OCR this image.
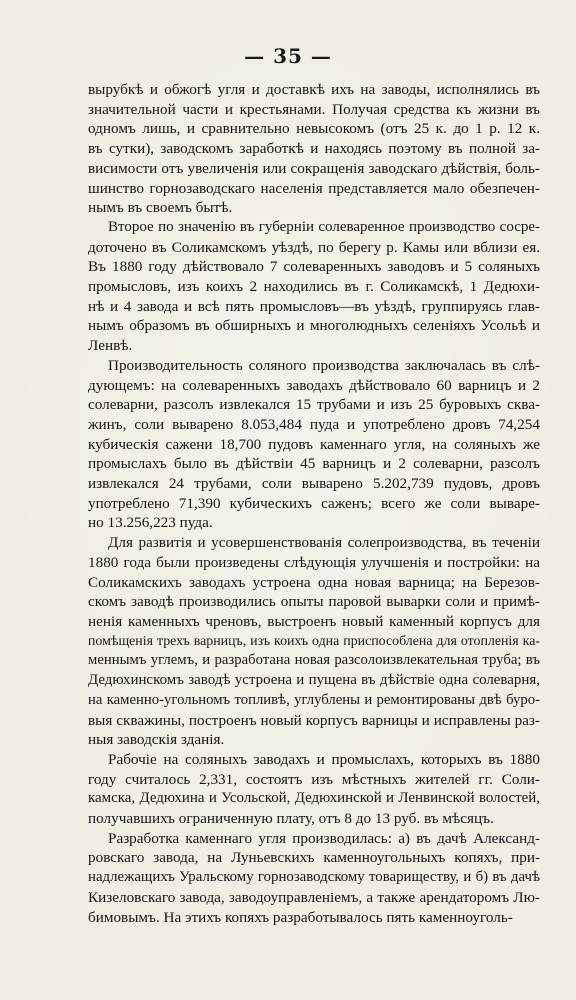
— 35 —

вырубкѣ и обжогѣ угля и доставкѣ ихъ на заводы, исполнялись въ
значительной части и крестьянами. Получая средства къ жизни въ
одномъ лишь, и сравнительно невысокомъ (отъ 25 к. до 1 р. 12 к.
въ сутки), заводскомъ заработкѣ и находясь поэтому въ полной за-
висимости отъ увеличенія или сокращенія заводскаго дѣйствія, боль-
шинство горнозаводскаго населенія представляется мало обезпечен-
нымъ въ своемъ бытѣ.

Второе по значенію въ губерніи солеваренное производство сосре-
доточено въ Соликамскомъ уѣздѣ, по берегу р. Камы или вблизи ея.
Въ 1880 году дѣйствовало 7 солеваренныхъ заводовъ и 5 соляныхъ
промысловъ, изъ коихъ 2 находились въ г. Соликамскѣ, 1 Дедюхи-
нѣ и 4 завода и всѣ пять промысловъ—въ уѣздѣ, группируясь глав-
нымъ образомъ въ обширныхъ и многолюдныхъ селеніяхъ Усольѣ и
Ленвѣ.

Производительность соляного производства заключалась въ слѣ-
дующемъ: на солеваренныхъ заводахъ дѣйствовало 60 варницъ и 2
солеварни, разсолъ извлекался 15 трубами и изъ 25 буровыхъ сква-
жинъ, соли выварено 8.053,484 пуда и употреблено дровъ 74,254
кубическія сажени 18,700 пудовъ каменнаго угля, на соляныхъ же
промыслахъ было въ дѣйствіи 45 варницъ и 2 солеварни, разсолъ
извлекался 24 трубами, соли выварено 5.202,739 пудовъ, дровъ
употреблено 71,390 кубическихъ саженъ; всего же соли выварe-
но 13.256,223 пуда.

Для развитія и усовершенствованія солепроизводства, въ теченіи
1880 года были произведены слѣдующія улучшенія и постройки: на
Соликамскихъ заводахъ устроена одна новая варница; на Березов-
скомъ заводѣ производились опыты паровой выварки соли и примѣ-
ненія каменныхъ чреновъ, выстроенъ новый каменный корпусъ для
помѣщенія трехъ варницъ, изъ коихъ одна приспособлена для отопленія ка-
меннымъ углемъ, и разработана новая разсолоизвлекательная труба; въ
Дедюхинскомъ заводѣ устроена и пущена въ дѣйствіе одна солеварня,
на каменно-угольномъ топливѣ, углублены и ремонтированы двѣ буро-
выя скважины, построенъ новый корпусъ варницы и исправлены раз-
ныя заводскія зданія.

Рабочіе на соляныхъ заводахъ и промыслахъ, которыхъ въ 1880
году считалось 2,331, состоятъ изъ мѣстныхъ жителей гг. Соли-
камска, Дедюхина и Усольской, Дедюхинской и Ленвинской волостей,
получавшихъ ограниченную плату, отъ 8 до 13 руб. въ мѣсяцъ.

Разработка каменнаго угля производилась: а) въ дачѣ Александ-
ровскаго завода, на Луньевскихъ каменноугольныхъ копяхъ, при-
надлежащихъ Уральскому горнозаводскому товариществу, и б) въ дачѣ
Кизеловскаго завода, заводоуправленіемъ, а также арендаторомъ Лю-
бимовымъ. На этихъ копяхъ разработывалось пять каменноуголь-
